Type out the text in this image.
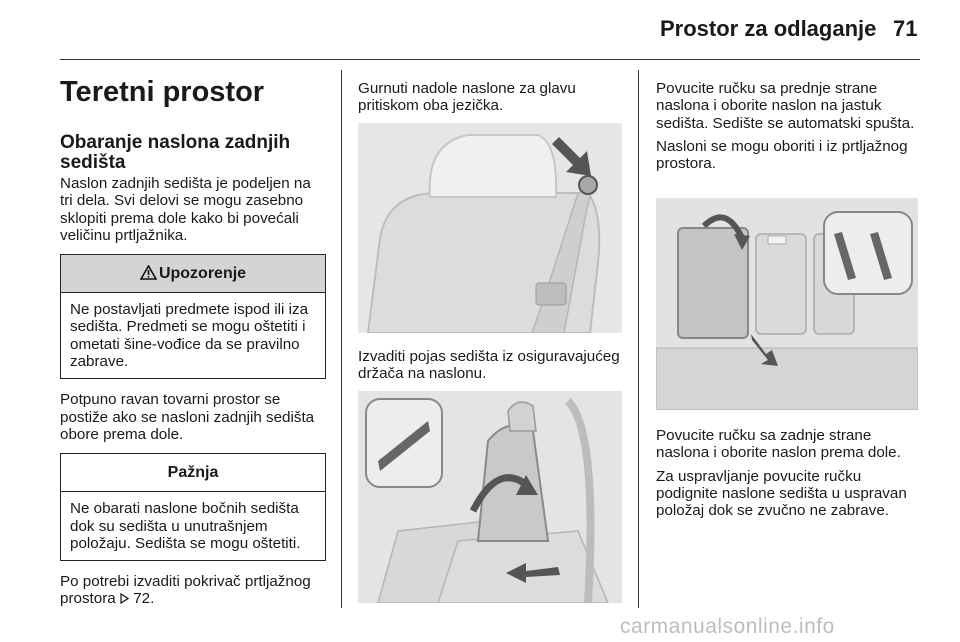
Prostor za odlaganje 71
Teretni prostor
Obaranje naslona zadnjih sedišta

Naslon zadnjih sedišta je podeljen na tri dela. Svi delovi se mogu zasebno sklopiti prema dole kako bi povećali veličinu prtljažnika.

Upozorenje
Ne postavljati predmete ispod ili iza sedišta. Predmeti se mogu oštetiti i ometati šine-vođice da se pravilno zabrave.

Potpuno ravan tovarni prostor se postiže ako se nasloni zadnjih sedišta obore prema dole.

Pažnja
Ne obarati naslone bočnih sedišta dok su sedišta u unutrašnjem položaju. Sedišta se mogu oštetiti.

Po potrebi izvaditi pokrivač prtljažnog prostora 72.

Gurnuti nadole naslone za glavu pritiskom oba jezička.

Izvaditi pojas sedišta iz osiguravajućeg držača na naslonu.

Povucite ručku sa prednje strane naslona i oborite naslon na jastuk sedišta. Sedište se automatski spušta.

Nasloni se mogu oboriti i iz prtljažnog prostora.

Povucite ručku sa zadnje strane naslona i oborite naslon prema dole.

Za uspravljanje povucite ručku podignite naslone sedišta u uspravan položaj dok se zvučno ne zabrave.

carmanualsonline.info
